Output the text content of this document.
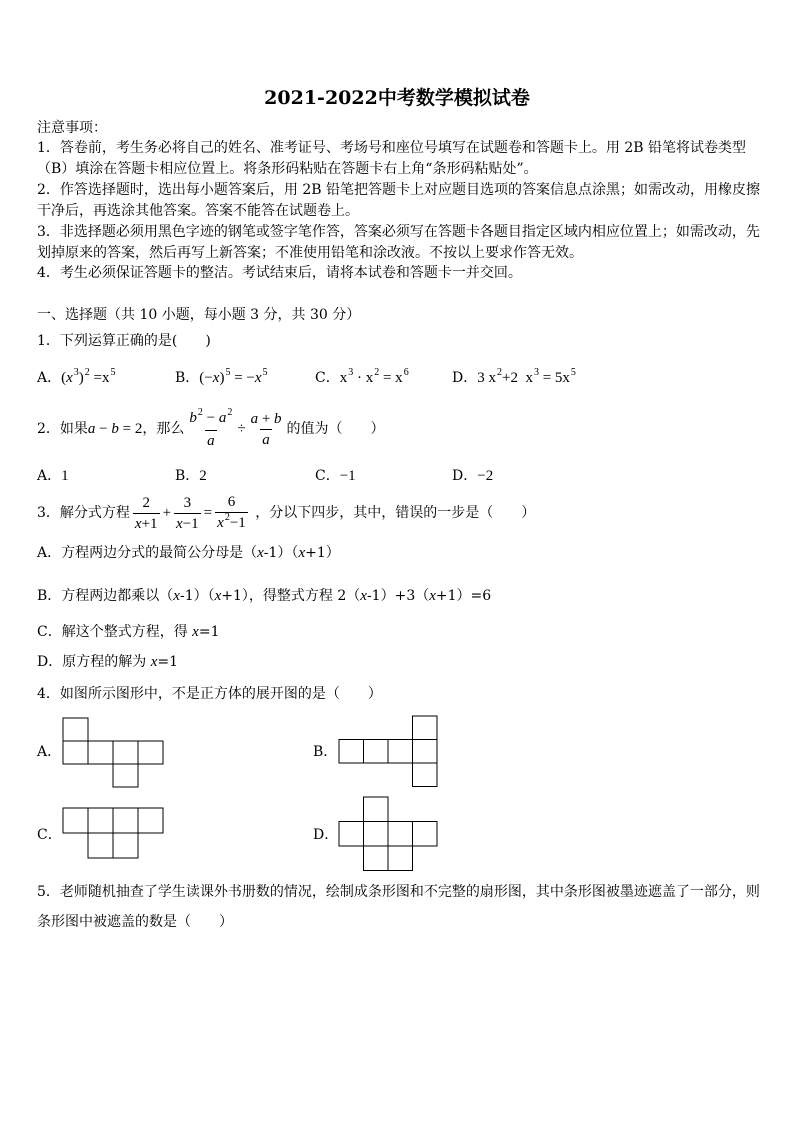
2021-2022中考数学模拟试卷
注意事项：
1．答卷前，考生务必将自己的姓名、准考证号、考场号和座位号填写在试题卷和答题卡上。用 2B 铅笔将试卷类型
（B）填涂在答题卡相应位置上。将条形码粘贴在答题卡右上角“条形码粘贴处”。
2．作答选择题时，选出每小题答案后，用 2B 铅笔把答题卡上对应题目选项的答案信息点涂黑；如需改动，用橡皮擦
干净后，再选涂其他答案。答案不能答在试题卷上。
3．非选择题必须用黑色字迹的钢笔或签字笔作答，答案必须写在答题卡各题目指定区域内相应位置上；如需改动，先
划掉原来的答案，然后再写上新答案；不准使用铅笔和涂改液。不按以上要求作答无效。
4．考生必须保证答题卡的整洁。考试结束后，请将本试卷和答题卡一并交回。
一、选择题（共 10 小题，每小题 3 分，共 30 分）
1．下列运算正确的是(　　)
A． ( x 3 ) 2 =x 5	B． (− x ) 5 = − x 5	C． x 3 · x 2 = x 6	D． 3 x 2 +2  x 3 = 5x 5
2．如果 a − b = 2 ，那么 $\frac{b 2 - a 2}{a} \div \frac{a + b}{a}$ 的值为（　　）
A． 1	B． 2	C． −1	D． −2
3．解分式方程 $\frac{2}{x +1} + \frac{3}{x -1} = \frac{6}{x 2 -1}$ ，分以下四步，其中，错误的一步是（　　）
A． 方程两边分式的最简公分母是（ x -1）（ x +1）
B． 方程两边都乘以（ x -1）（ x +1），得整式方程 2（ x -1）+3（ x +1）=6
C． 解这个整式方程，得 x =1
D． 原方程的解为 x =1
4．如图所示图形中，不是正方体的展开图的是（　　）
A．	B．
C．	D．
5．老师随机抽查了学生读课外书册数的情况，绘制成条形图和不完整的扇形图，其中条形图被墨迹遮盖了一部分，则
条形图中被遮盖的数是（　　）
